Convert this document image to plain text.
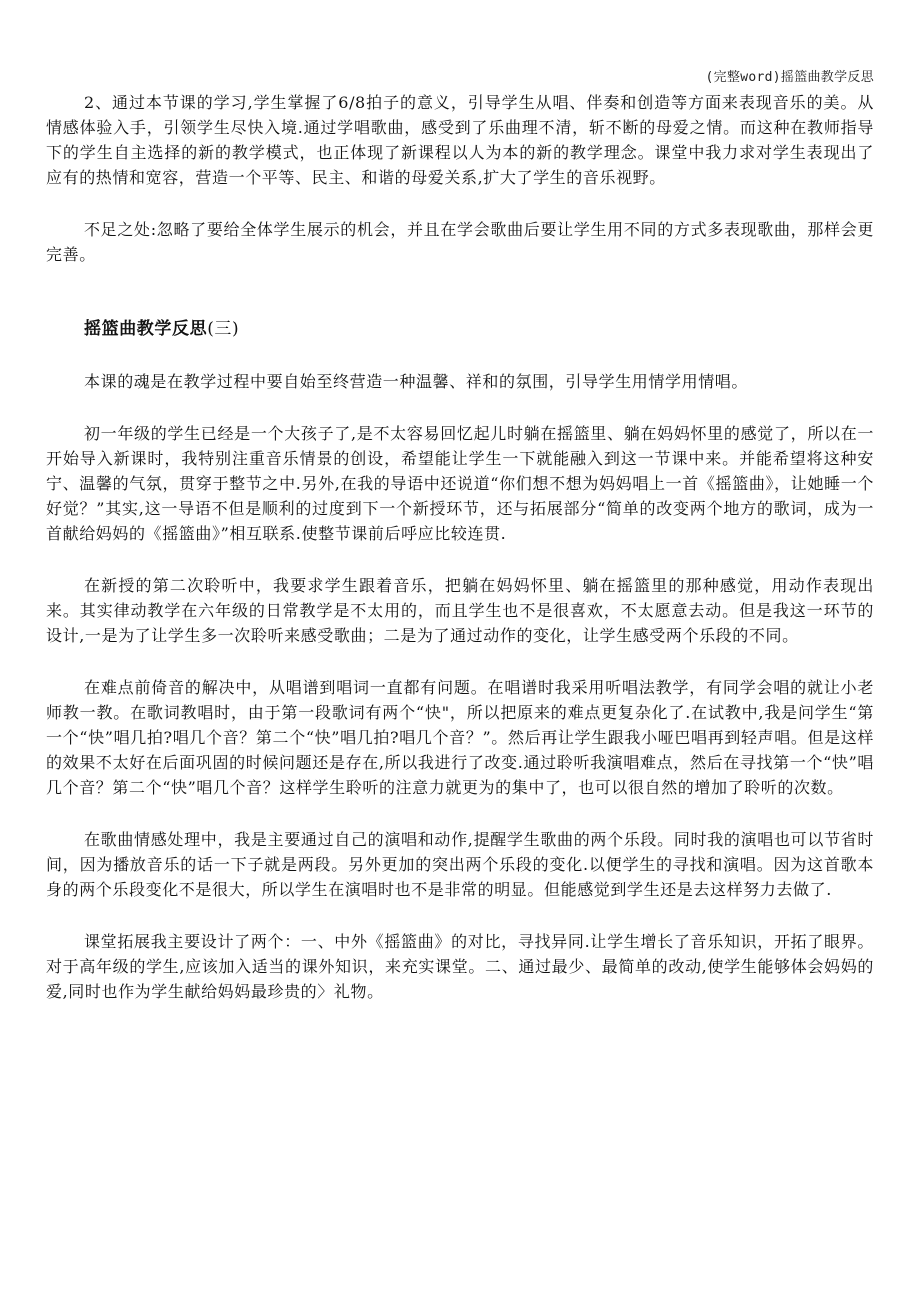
(完整word)摇篮曲教学反思

2、通过本节课的学习,学生掌握了6/8拍子的意义，引导学生从唱、伴奏和创造等方面来表现音乐的美。从情感体验入手，引领学生尽快入境.通过学唱歌曲，感受到了乐曲理不清，斩不断的母爱之情。而这种在教师指导下的学生自主选择的新的教学模式，也正体现了新课程以人为本的新的教学理念。课堂中我力求对学生表现出了应有的热情和宽容，营造一个平等、民主、和谐的母爱关系,扩大了学生的音乐视野。

不足之处:忽略了要给全体学生展示的机会，并且在学会歌曲后要让学生用不同的方式多表现歌曲，那样会更完善。

摇篮曲教学反思(三)

本课的魂是在教学过程中要自始至终营造一种温馨、祥和的氛围，引导学生用情学用情唱。

初一年级的学生已经是一个大孩子了,是不太容易回忆起儿时躺在摇篮里、躺在妈妈怀里的感觉了，所以在一开始导入新课时，我特别注重音乐情景的创设，希望能让学生一下就能融入到这一节课中来。并能希望将这种安宁、温馨的气氛，贯穿于整节之中.另外,在我的导语中还说道“你们想不想为妈妈唱上一首《摇篮曲》，让她睡一个好觉？”其实,这一导语不但是顺利的过度到下一个新授环节，还与拓展部分“简单的改变两个地方的歌词，成为一首献给妈妈的《摇篮曲》”相互联系.使整节课前后呼应比较连贯.

在新授的第二次聆听中，我要求学生跟着音乐，把躺在妈妈怀里、躺在摇篮里的那种感觉，用动作表现出来。其实律动教学在六年级的日常教学是不太用的，而且学生也不是很喜欢，不太愿意去动。但是我这一环节的设计,一是为了让学生多一次聆听来感受歌曲；二是为了通过动作的变化，让学生感受两个乐段的不同。

在难点前倚音的解决中，从唱谱到唱词一直都有问题。在唱谱时我采用听唱法教学，有同学会唱的就让小老师教一教。在歌词教唱时，由于第一段歌词有两个“快"，所以把原来的难点更复杂化了.在试教中,我是问学生“第一个“快”唱几拍?唱几个音？第二个“快”唱几拍?唱几个音？”。然后再让学生跟我小哑巴唱再到轻声唱。但是这样的效果不太好在后面巩固的时候问题还是存在,所以我进行了改变.通过聆听我演唱难点，然后在寻找第一个“快”唱几个音？第二个“快”唱几个音？这样学生聆听的注意力就更为的集中了，也可以很自然的增加了聆听的次数。

在歌曲情感处理中，我是主要通过自己的演唱和动作,提醒学生歌曲的两个乐段。同时我的演唱也可以节省时间，因为播放音乐的话一下子就是两段。另外更加的突出两个乐段的变化.以便学生的寻找和演唱。因为这首歌本身的两个乐段变化不是很大，所以学生在演唱时也不是非常的明显。但能感觉到学生还是去这样努力去做了.

课堂拓展我主要设计了两个：一、中外《摇篮曲》的对比，寻找异同.让学生增长了音乐知识，开拓了眼界。对于高年级的学生,应该加入适当的课外知识，来充实课堂。二、通过最少、最简单的改动,使学生能够体会妈妈的爱,同时也作为学生献给妈妈最珍贵的〉礼物。
